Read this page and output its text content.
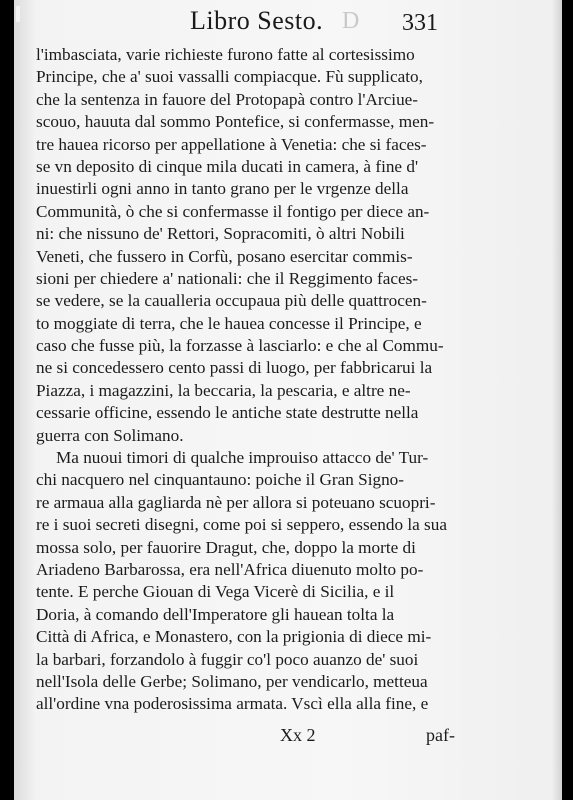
Libro Sesto. D 331
l'imbasciata, varie richieste furono fatte al cortesissimo
Principe, che a' suoi vassalli compiacque. Fù supplicato,
che la sentenza in fauore del Protopapà contro l'Arciue-
scouo, hauuta dal sommo Pontefice, si confermasse, men-
tre hauea ricorso per appellatione à Venetia: che si faces-
se vn deposito di cinque mila ducati in camera, à fine d'
inuestirli ogni anno in tanto grano per le vrgenze della
Communità, ò che si confermasse il fontigo per diece an-
ni: che nissuno de' Rettori, Sopracomiti, ò altri Nobili
Veneti, che fussero in Corfù, posano esercitar commis-
sioni per chiedere a' nationali: che il Reggimento faces-
se vedere, se la caualleria occupaua più delle quattrocen-
to moggiate di terra, che le hauea concesse il Principe, e
caso che fusse più, la forzasse à lasciarlo: e che al Commu-
ne si concedessero cento passi di luogo, per fabbricarui la
Piazza, i magazzini, la beccaria, la pescaria, e altre ne-
cessarie officine, essendo le antiche state destrutte nella
guerra con Solimano.
Ma nuoui timori di qualche improuiso attacco de' Tur-
chi nacquero nel cinquantauno: poiche il Gran Signo-
re armaua alla gagliarda nè per allora si poteuano scuopri-
re i suoi secreti disegni, come poi si seppero, essendo la sua
mossa solo, per fauorire Dragut, che, doppo la morte di
Ariadeno Barbarossa, era nell'Africa diuenuto molto po-
tente. E perche Giouan di Vega Vicerè di Sicilia, e il
Doria, à comando dell'Imperatore gli hauean tolta la
Città di Africa, e Monastero, con la prigionia di diece mi-
la barbari, forzandolo à fuggir co'l poco auanzo de' suoi
nell'Isola delle Gerbe; Solimano, per vendicarlo, metteua
all'ordine vna poderosissima armata. Vscì ella alla fine, e
Xx 2	paf-
